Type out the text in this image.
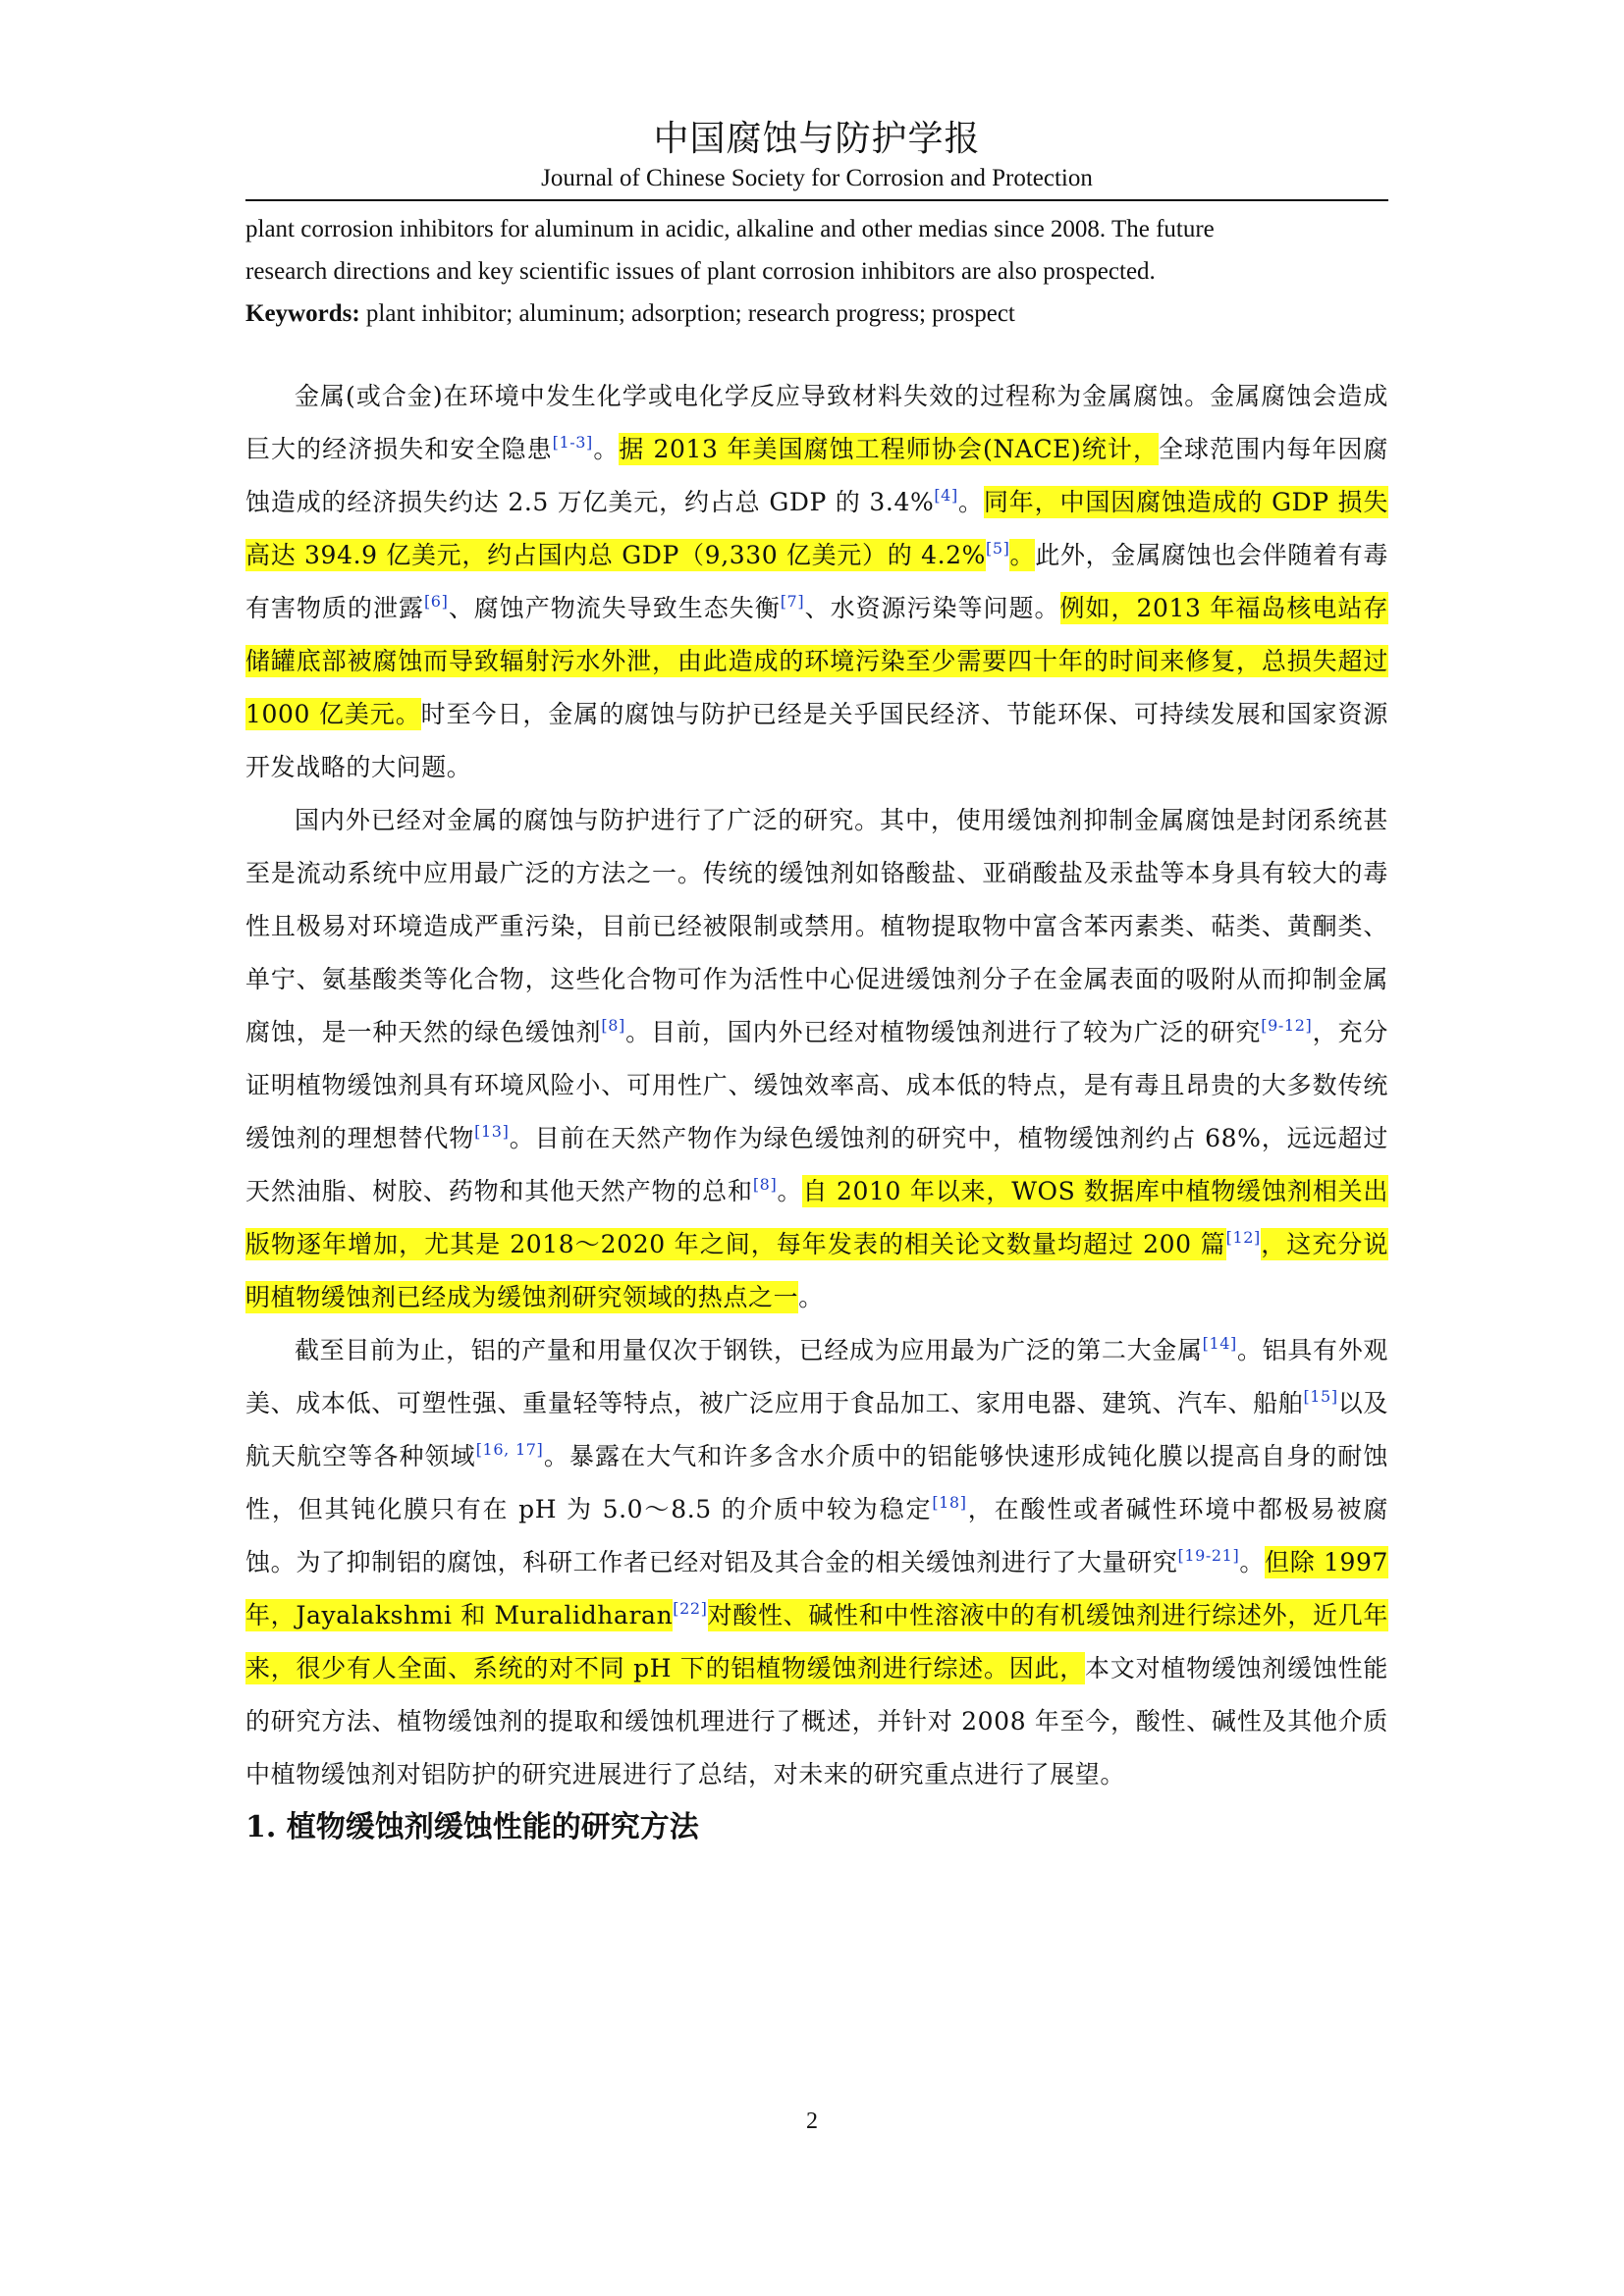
中国腐蚀与防护学报
Journal of Chinese Society for Corrosion and Protection

plant corrosion inhibitors for aluminum in acidic, alkaline and other medias since 2008. The future

research directions and key scientific issues of plant corrosion inhibitors are also prospected.

Keywords: plant inhibitor; aluminum; adsorption; research progress; prospect

金属(或合金)在环境中发生化学或电化学反应导致材料失效的过程称为金属腐蚀。金属腐蚀会造成巨大的经济损失和安全隐患[1-3]。据 2013 年美国腐蚀工程师协会(NACE)统计，全球范围内每年因腐蚀造成的经济损失约达 2.5 万亿美元，约占总 GDP 的 3.4%[4]。同年，中国因腐蚀造成的 GDP 损失高达 394.9 亿美元，约占国内总 GDP（9,330 亿美元）的 4.2%[5]。此外，金属腐蚀也会伴随着有毒有害物质的泄露[6]、腐蚀产物流失导致生态失衡[7]、水资源污染等问题。例如，2013 年福岛核电站存储罐底部被腐蚀而导致辐射污水外泄，由此造成的环境污染至少需要四十年的时间来修复，总损失超过 1000 亿美元。时至今日，金属的腐蚀与防护已经是关乎国民经济、节能环保、可持续发展和国家资源开发战略的大问题。

国内外已经对金属的腐蚀与防护进行了广泛的研究。其中，使用缓蚀剂抑制金属腐蚀是封闭系统甚至是流动系统中应用最广泛的方法之一。传统的缓蚀剂如铬酸盐、亚硝酸盐及汞盐等本身具有较大的毒性且极易对环境造成严重污染，目前已经被限制或禁用。植物提取物中富含苯丙素类、萜类、黄酮类、单宁、氨基酸类等化合物，这些化合物可作为活性中心促进缓蚀剂分子在金属表面的吸附从而抑制金属腐蚀，是一种天然的绿色缓蚀剂[8]。目前，国内外已经对植物缓蚀剂进行了较为广泛的研究[9-12]，充分证明植物缓蚀剂具有环境风险小、可用性广、缓蚀效率高、成本低的特点，是有毒且昂贵的大多数传统缓蚀剂的理想替代物[13]。目前在天然产物作为绿色缓蚀剂的研究中，植物缓蚀剂约占 68%，远远超过天然油脂、树胶、药物和其他天然产物的总和[8]。自 2010 年以来，WOS 数据库中植物缓蚀剂相关出版物逐年增加，尤其是 2018～2020 年之间，每年发表的相关论文数量均超过 200 篇[12]，这充分说明植物缓蚀剂已经成为缓蚀剂研究领域的热点之一。

截至目前为止，铝的产量和用量仅次于钢铁，已经成为应用最为广泛的第二大金属[14]。铝具有外观美、成本低、可塑性强、重量轻等特点，被广泛应用于食品加工、家用电器、建筑、汽车、船舶[15]以及航天航空等各种领域[16, 17]。暴露在大气和许多含水介质中的铝能够快速形成钝化膜以提高自身的耐蚀性，但其钝化膜只有在 pH 为 5.0～8.5 的介质中较为稳定[18]，在酸性或者碱性环境中都极易被腐蚀。为了抑制铝的腐蚀，科研工作者已经对铝及其合金的相关缓蚀剂进行了大量研究[19-21]。但除 1997 年，Jayalakshmi 和 Muralidharan[22]对酸性、碱性和中性溶液中的有机缓蚀剂进行综述外，近几年来，很少有人全面、系统的对不同 pH 下的铝植物缓蚀剂进行综述。因此，本文对植物缓蚀剂缓蚀性能的研究方法、植物缓蚀剂的提取和缓蚀机理进行了概述，并针对 2008 年至今，酸性、碱性及其他介质中植物缓蚀剂对铝防护的研究进展进行了总结，对未来的研究重点进行了展望。

1. 植物缓蚀剂缓蚀性能的研究方法
2
